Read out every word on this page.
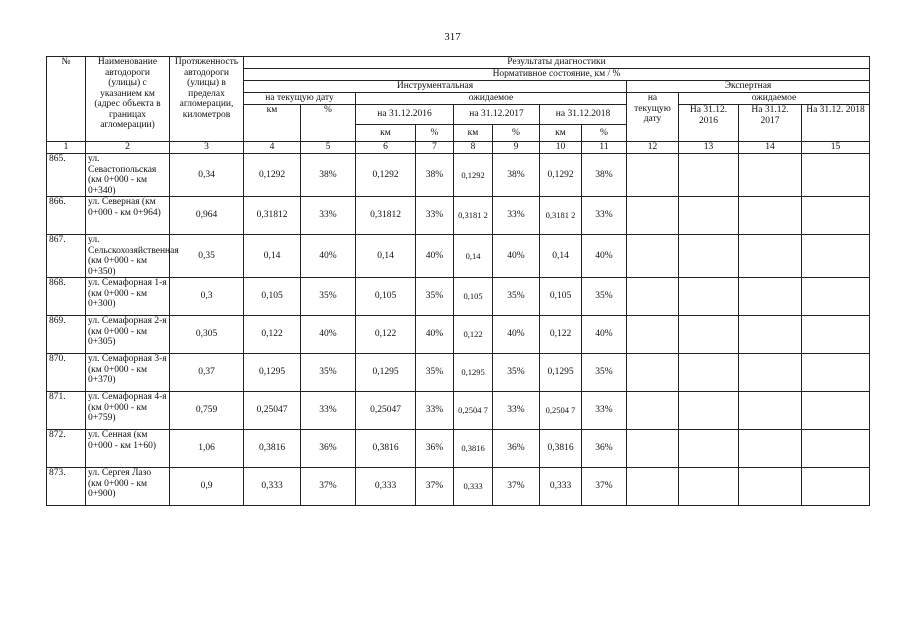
317
№	Наименование автодороги (улицы) с указанием км (адрес объекта в границах агломерации)	Протяженность автодороги (улицы) в пределах агломерации, километров	Результаты диагностики											
			Нормативное состояние, км / %											
			Инструментальная								Экспертная			
			на текущую дату		ожидаемое						на текущую дату	ожидаемое		
			км	%	на 31.12.2016		на 31.12.2017		на 31.12.2018			На 31.12. 2016	На 31.12. 2017	На 31.12. 2018
					км	%	км	%	км	%				
1	2	3	4	5	6	7	8	9	10	11	12	13	14	15
865.	ул. Севастопольская (км 0+000 - км 0+340)	0,34	0,1292	38%	0,1292	38%	0,1292	38%	0,1292	38%				
866.	ул. Северная (км 0+000 - км 0+964)	0,964	0,31812	33%	0,31812	33%	0,3181 2	33%	0,3181 2	33%				
867.	ул. Сельскохозяйственная (км 0+000 - км 0+350)	0,35	0,14	40%	0,14	40%	0,14	40%	0,14	40%				
868.	ул. Семафорная 1-я (км 0+000 - км 0+300)	0,3	0,105	35%	0,105	35%	0,105	35%	0,105	35%				
869.	ул. Семафорная 2-я (км 0+000 - км 0+305)	0,305	0,122	40%	0,122	40%	0,122	40%	0,122	40%				
870.	ул. Семафорная 3-я (км 0+000 - км 0+370)	0,37	0,1295	35%	0,1295	35%	0,1295	35%	0,1295	35%				
871.	ул. Семафорная 4-я (км 0+000 - км 0+759)	0,759	0,25047	33%	0,25047	33%	0,2504 7	33%	0,2504 7	33%				
872.	ул. Сенная (км 0+000 - км 1+60)	1,06	0,3816	36%	0,3816	36%	0,3816	36%	0,3816	36%				
873.	ул. Сергея Лазо (км 0+000 - км 0+900)	0,9	0,333	37%	0,333	37%	0,333	37%	0,333	37%				
